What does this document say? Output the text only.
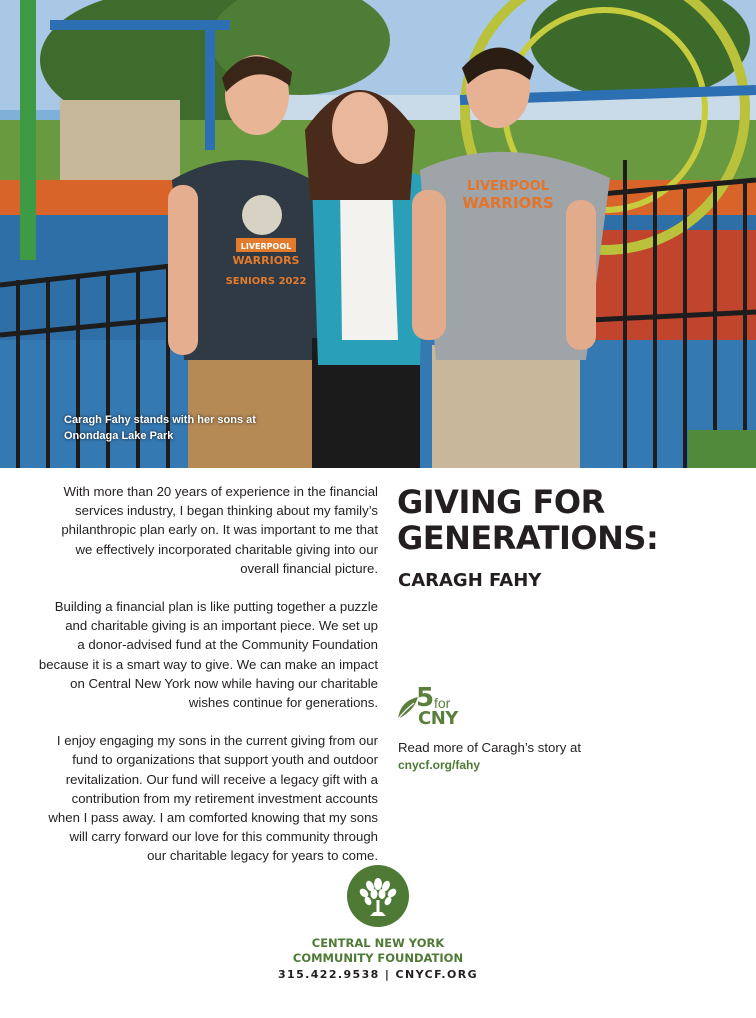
LIVERPOOL
WARRIORS
SENIORS 2022
LIVERPOOL
WARRIORS
Caragh Fahy stands with her sons at
Onondaga Lake Park

With more than 20 years of experience in the financial
services industry, I began thinking about my family’s
philanthropic plan early on. It was important to me that
we effectively incorporated charitable giving into our
overall financial picture.

Building a financial plan is like putting together a puzzle
and charitable giving is an important piece. We set up
a donor-advised fund at the Community Foundation
because it is a smart way to give. We can make an impact
on Central New York now while having our charitable
wishes continue for generations.

I enjoy engaging my sons in the current giving from our
fund to organizations that support youth and outdoor
revitalization. Our fund will receive a legacy gift with a
contribution from my retirement investment accounts
when I pass away. I am comforted knowing that my sons
will carry forward our love for this community through
our charitable legacy for years to come.

GIVING FOR
GENERATIONS:
CARAGH FAHY
5 for
CNY
Read more of Caragh’s story at
cnycf.org/fahy
CENTRAL NEW YORK
COMMUNITY FOUNDATION
315.422.9538 | CNYCF.ORG
